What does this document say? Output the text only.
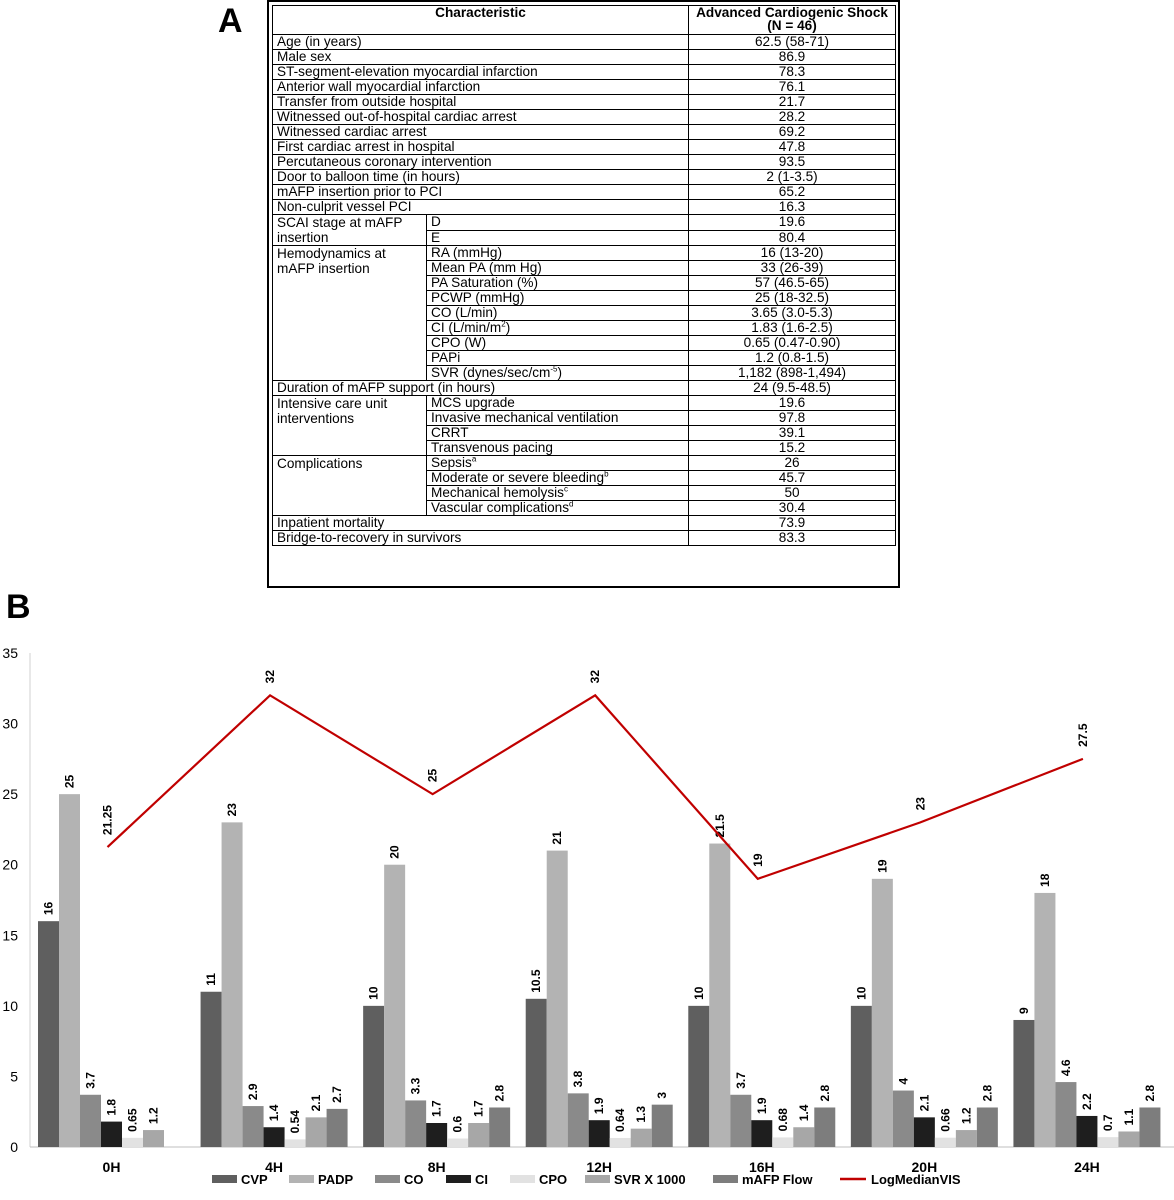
A
B
Characteristic		Advanced Cardiogenic Shock (N = 46)
Age (in years)		62.5 (58-71)
Male sex		86.9
ST-segment-elevation myocardial infarction		78.3
Anterior wall myocardial infarction		76.1
Transfer from outside hospital		21.7
Witnessed out-of-hospital cardiac arrest		28.2
Witnessed cardiac arrest		69.2
First cardiac arrest in hospital		47.8
Percutaneous coronary intervention		93.5
Door to balloon time (in hours)		2 (1-3.5)
mAFP insertion prior to PCI		65.2
Non-culprit vessel PCI		16.3
SCAI stage at mAFP insertion	D	19.6
	E	80.4
Hemodynamics at mAFP insertion	RA (mmHg)	16 (13-20)
	Mean PA (mm Hg)	33 (26-39)
	PA Saturation (%)	57 (46.5-65)
	PCWP (mmHg)	25 (18-32.5)
	CO (L/min)	3.65 (3.0-5.3)
	CI $(L/\min/m^2)$	1.83 (1.6-2.5)
	CPO (W)	0.65 (0.47-0.90)
	PAPi	1.2 (0.8-1.5)
	SVR $(dynes/\sec/cm^{-5})$	1,182 (898-1,494)
Duration of mAFP support (in hours)		24 (9.5-48.5)
Intensive care unit interventions	MCS upgrade	19.6
	Invasive mechanical ventilation	97.8
	CRRT	39.1
	Transvenous pacing	15.2
Complications	Sepsis$^a$	26
	Moderate or severe bleeding$^b$	45.7
	Mechanical hemolysis$^c$	50
	Vascular complications$^d$	30.4
Inpatient mortality		73.9
Bridge-to-recovery in survivors		83.3
0
5
10
15
20
25
30
35
16
25
3.7
1.8
0.65 1.2
0H
11
23
2.9
1.4 0.54
2.1
2.7
4H
10
20
3.3
1.7
0.6
1.7
2.8
8H
10.5
21
3.8
1.9
0.64 1.3
3
12H
10
21.5
3.7
1.9
0.68 1.4
2.8
16H
10
19
4
2.1
0.66 1.2
2.8
20H
9
18
4.6
2.2
0.7 1.1
2.8
24H
21.25
32
25
32
19
23
27.5
CVP	PADP	CO	CI	CPO	SVR X 1000	mAFP Flow	LogMedianVIS
